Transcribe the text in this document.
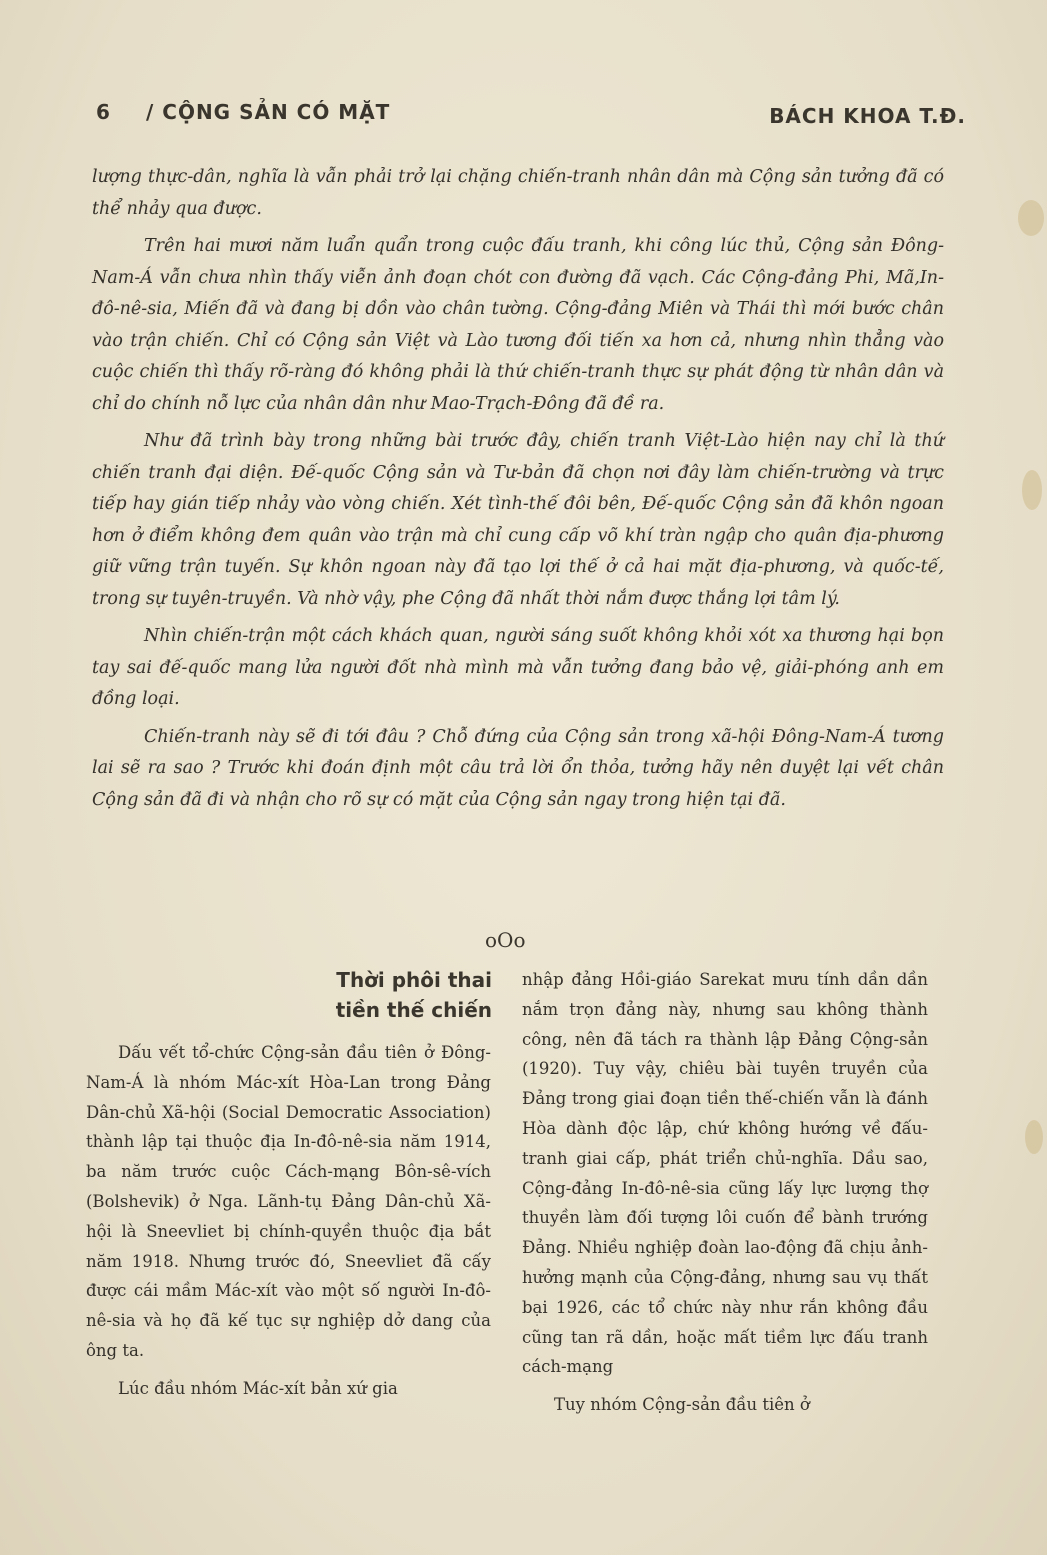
6 / CỘNG SẢN CÓ MẶT	BÁCH KHOA T.Đ.

lượng thực-dân, nghĩa là vẫn phải trở lại chặng chiến-tranh nhân dân mà Cộng sản tưởng đã có thể nhảy qua được.

Trên hai mươi năm luẩn quẩn trong cuộc đấu tranh, khi công lúc thủ, Cộng sản Đông-Nam-Á vẫn chưa nhìn thấy viễn ảnh đoạn chót con đường đã vạch. Các Cộng-đảng Phi, Mã,In-đô-nê-sia, Miến đã và đang bị dồn vào chân tường. Cộng-đảng Miên và Thái thì mới bước chân vào trận chiến. Chỉ có Cộng sản Việt và Lào tương đối tiến xa hơn cả, nhưng nhìn thẳng vào cuộc chiến thì thấy rõ-ràng đó không phải là thứ chiến-tranh thực sự phát động từ nhân dân và chỉ do chính nỗ lực của nhân dân như Mao-Trạch-Đông đã đề ra.

Như đã trình bày trong những bài trước đây, chiến tranh Việt-Lào hiện nay chỉ là thứ chiến tranh đại diện. Đế-quốc Cộng sản và Tư-bản đã chọn nơi đây làm chiến-trường và trực tiếp hay gián tiếp nhảy vào vòng chiến. Xét tình-thế đôi bên, Đế-quốc Cộng sản đã khôn ngoan hơn ở điểm không đem quân vào trận mà chỉ cung cấp võ khí tràn ngập cho quân địa-phương giữ vững trận tuyến. Sự khôn ngoan này đã tạo lợi thế ở cả hai mặt địa-phương, và quốc-tế, trong sự tuyên-truyền. Và nhờ vậy, phe Cộng đã nhất thời nắm được thắng lợi tâm lý.

Nhìn chiến-trận một cách khách quan, người sáng suốt không khỏi xót xa thương hại bọn tay sai đế-quốc mang lửa người đốt nhà mình mà vẫn tưởng đang bảo vệ, giải-phóng anh em đồng loại.

Chiến-tranh này sẽ đi tới đâu ? Chỗ đứng của Cộng sản trong xã-hội Đông-Nam-Á tương lai sẽ ra sao ? Trước khi đoán định một câu trả lời ổn thỏa, tưởng hãy nên duyệt lại vết chân Cộng sản đã đi và nhận cho rõ sự có mặt của Cộng sản ngay trong hiện tại đã.

oOo
Thời phôi thai
tiền thế chiến

Dấu vết tổ-chức Cộng-sản đầu tiên ở Đông-Nam-Á là nhóm Mác-xít Hòa-Lan trong Đảng Dân-chủ Xã-hội (Social Democratic Association) thành lập tại thuộc địa In-đô-nê-sia năm 1914, ba năm trước cuộc Cách-mạng Bôn-sê-vích (Bolshevik) ở Nga. Lãnh-tụ Đảng Dân-chủ Xã-hội là Sneevliet bị chính-quyền thuộc địa bắt năm 1918. Nhưng trước đó, Sneevliet đã cấy được cái mầm Mác-xít vào một số người In-đô-nê-sia và họ đã kế tục sự nghiệp dở dang của ông ta.

Lúc đầu nhóm Mác-xít bản xứ gia

nhập đảng Hồi-giáo Sarekat mưu tính dần dần nắm trọn đảng này, nhưng sau không thành công, nên đã tách ra thành lập Đảng Cộng-sản (1920). Tuy vậy, chiêu bài tuyên truyền của Đảng trong giai đoạn tiền thế-chiến vẫn là đánh Hòa dành độc lập, chứ không hướng về đấu-tranh giai cấp, phát triển chủ-nghĩa. Dầu sao, Cộng-đảng In-đô-nê-sia cũng lấy lực lượng thợ thuyền làm đối tượng lôi cuốn để bành trướng Đảng. Nhiều nghiệp đoàn lao-động đã chịu ảnh-hưởng mạnh của Cộng-đảng, nhưng sau vụ thất bại 1926, các tổ chức này như rắn không đầu cũng tan rã dần, hoặc mất tiềm lực đấu tranh cách-mạng

Tuy nhóm Cộng-sản đầu tiên ở
